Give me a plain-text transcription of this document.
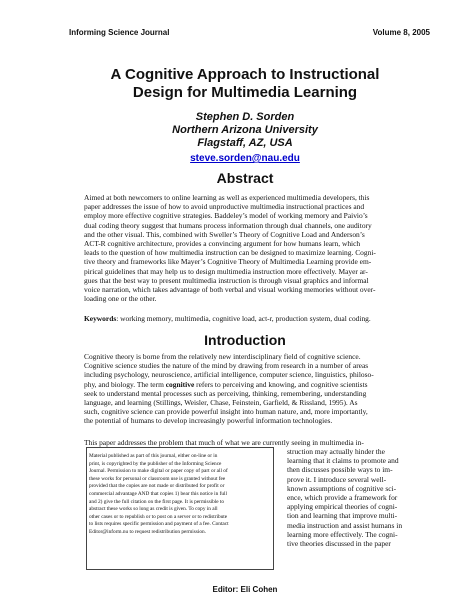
Informing Science Journal	Volume 8, 2005
A Cognitive Approach to Instructional
Design for Multimedia Learning
Stephen D. Sorden
Northern Arizona University
Flagstaff, AZ, USA
steve.sorden@nau.edu
Abstract
Aimed at both newcomers to online learning as well as experienced multimedia developers, this
paper addresses the issue of how to avoid unproductive multimedia instructional practices and
employ more effective cognitive strategies. Baddeley’s model of working memory and Paivio’s
dual coding theory suggest that humans process information through dual channels, one auditory
and the other visual. This, combined with Sweller’s Theory of Cognitive Load and Anderson’s
ACT-R cognitive architecture, provides a convincing argument for how humans learn, which
leads to the question of how multimedia instruction can be designed to maximize learning. Cogni-
tive theory and frameworks like Mayer’s Cognitive Theory of Multimedia Learning provide em-
pirical guidelines that may help us to design multimedia instruction more effectively. Mayer ar-
gues that the best way to present multimedia instruction is through visual graphics and informal
voice narration, which takes advantage of both verbal and visual working memories without over-
loading one or the other.
Keywords: working memory, multimedia, cognitive load, act-r, production system, dual coding.
Introduction
Cognitive theory is borne from the relatively new interdisciplinary field of cognitive science.
Cognitive science studies the nature of the mind by drawing from research in a number of areas
including psychology, neuroscience, artificial intelligence, computer science, linguistics, philoso-
phy, and biology. The term cognitive refers to perceiving and knowing, and cognitive scientists
seek to understand mental processes such as perceiving, thinking, remembering, understanding
language, and learning (Stillings, Weisler, Chase, Feinstein, Garfield, & Rissland, 1995). As
such, cognitive science can provide powerful insight into human nature, and, more importantly,
the potential of humans to develop increasingly powerful information technologies.
This paper addresses the problem that much of what we are currently seeing in multimedia in-
struction may actually hinder the
learning that it claims to promote and
then discusses possible ways to im-
prove it. I introduce several well-
known assumptions of cognitive sci-
ence, which provide a framework for
applying empirical theories of cogni-
tion and learning that improve multi-
media instruction and assist humans in
learning more effectively. The cogni-
tive theories discussed in the paper
Material published as part of this journal, either on-line or in
print, is copyrighted by the publisher of the Informing Science
Journal. Permission to make digital or paper copy of part or all of
these works for personal or classroom use is granted without fee
provided that the copies are not made or distributed for profit or
commercial advantage AND that copies 1) bear this notice in full
and 2) give the full citation on the first page. It is permissible to
abstract these works so long as credit is given. To copy in all
other cases or to republish or to post on a server or to redistribute
to lists requires specific permission and payment of a fee. Contact
Editor@inform.nu to request redistribution permission.
Editor: Eli Cohen
